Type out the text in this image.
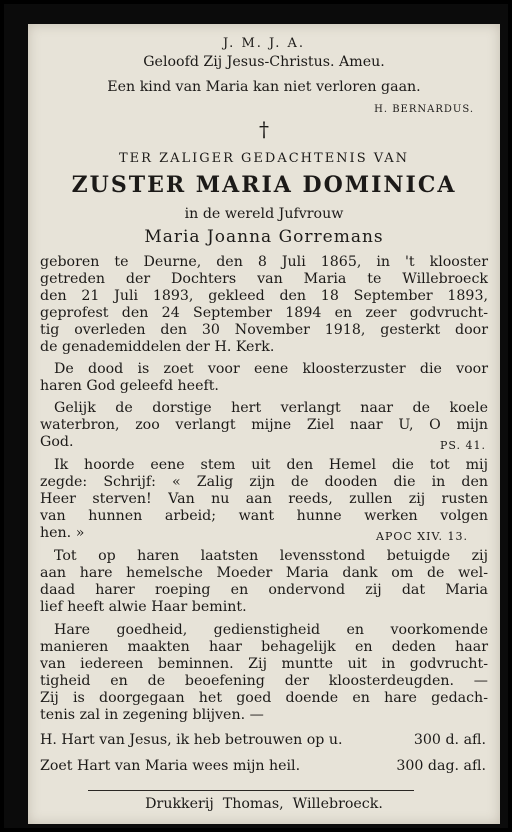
J. M. J. A.
Geloofd Zij Jesus-Christus. Ameu.
Een kind van Maria kan niet verloren gaan.
H. BERNARDUS.
†
TER ZALIGER GEDACHTENIS VAN
ZUSTER MARIA DOMINICA
in de wereld Jufvrouw
Maria Joanna Gorremans
geboren te Deurne, den 8 Juli 1865, in 't klooster
getreden der Dochters van Maria te Willebroeck
den 21 Juli 1893, gekleed den 18 September 1893,
geprofest den 24 September 1894 en zeer godvrucht-
tig overleden den 30 November 1918, gesterkt door
de genademiddelen der H. Kerk.
De dood is zoet voor eene kloosterzuster die voor
haren God geleefd heeft.
Gelijk de dorstige hert verlangt naar de koele
waterbron, zoo verlangt mijne Ziel naar U, O mijn
God.	PS. 41.
Ik hoorde eene stem uit den Hemel die tot mij
zegde: Schrijf: « Zalig zijn de dooden die in den
Heer sterven! Van nu aan reeds, zullen zij rusten
van hunnen arbeid; want hunne werken volgen
hen. »	APOC XIV. 13.
Tot op haren laatsten levensstond betuigde zij
aan hare hemelsche Moeder Maria dank om de wel-
daad harer roeping en ondervond zij dat Maria
lief heeft alwie Haar bemint.
Hare goedheid, gedienstigheid en voorkomende
manieren maakten haar behagelijk en deden haar
van iedereen beminnen. Zij muntte uit in godvrucht-
tigheid en de beoefening der kloosterdeugden. —
Zij is doorgegaan het goed doende en hare gedach-
tenis zal in zegening blijven. —
H. Hart van Jesus, ik heb betrouwen op u.	300 d. afl.
Zoet Hart van Maria wees mijn heil.	300 dag. afl.
Drukkerij  Thomas,  Willebroeck.
